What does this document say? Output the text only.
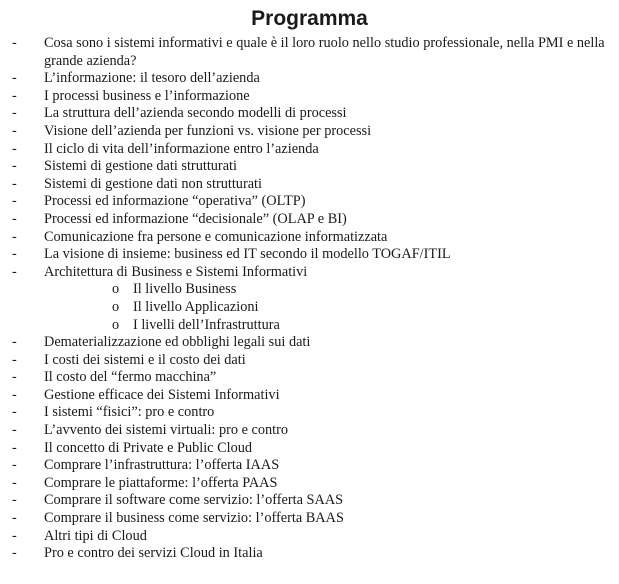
Programma
- Cosa sono i sistemi informativi e quale è il loro ruolo nello studio professionale, nella PMI e nella grande azienda?
- L’informazione: il tesoro dell’azienda
- I processi business e l’informazione
- La struttura dell’azienda secondo modelli di processi
- Visione dell’azienda per funzioni vs. visione per processi
- Il ciclo di vita dell’informazione entro l’azienda
- Sistemi di gestione dati strutturati
- Sistemi di gestione dati non strutturati
- Processi ed informazione “operativa” (OLTP)
- Processi ed informazione “decisionale” (OLAP e BI)
- Comunicazione fra persone e comunicazione informatizzata
- La visione di insieme: business ed IT secondo il modello TOGAF/ITIL
- Architettura di Business e Sistemi Informativi
o Il livello Business
o Il livello Applicazioni
o I livelli dell’Infrastruttura
- Dematerializzazione ed obblighi legali sui dati
- I costi dei sistemi e il costo dei dati
- Il costo del “fermo macchina”
- Gestione efficace dei Sistemi Informativi
- I sistemi “fisici”: pro e contro
- L’avvento dei sistemi virtuali: pro e contro
- Il concetto di Private e Public Cloud
- Comprare l’infrastruttura: l’offerta IAAS
- Comprare le piattaforme: l’offerta PAAS
- Comprare il software come servizio: l’offerta SAAS
- Comprare il business come servizio: l’offerta BAAS
- Altri tipi di Cloud
- Pro e contro dei servizi Cloud in Italia
